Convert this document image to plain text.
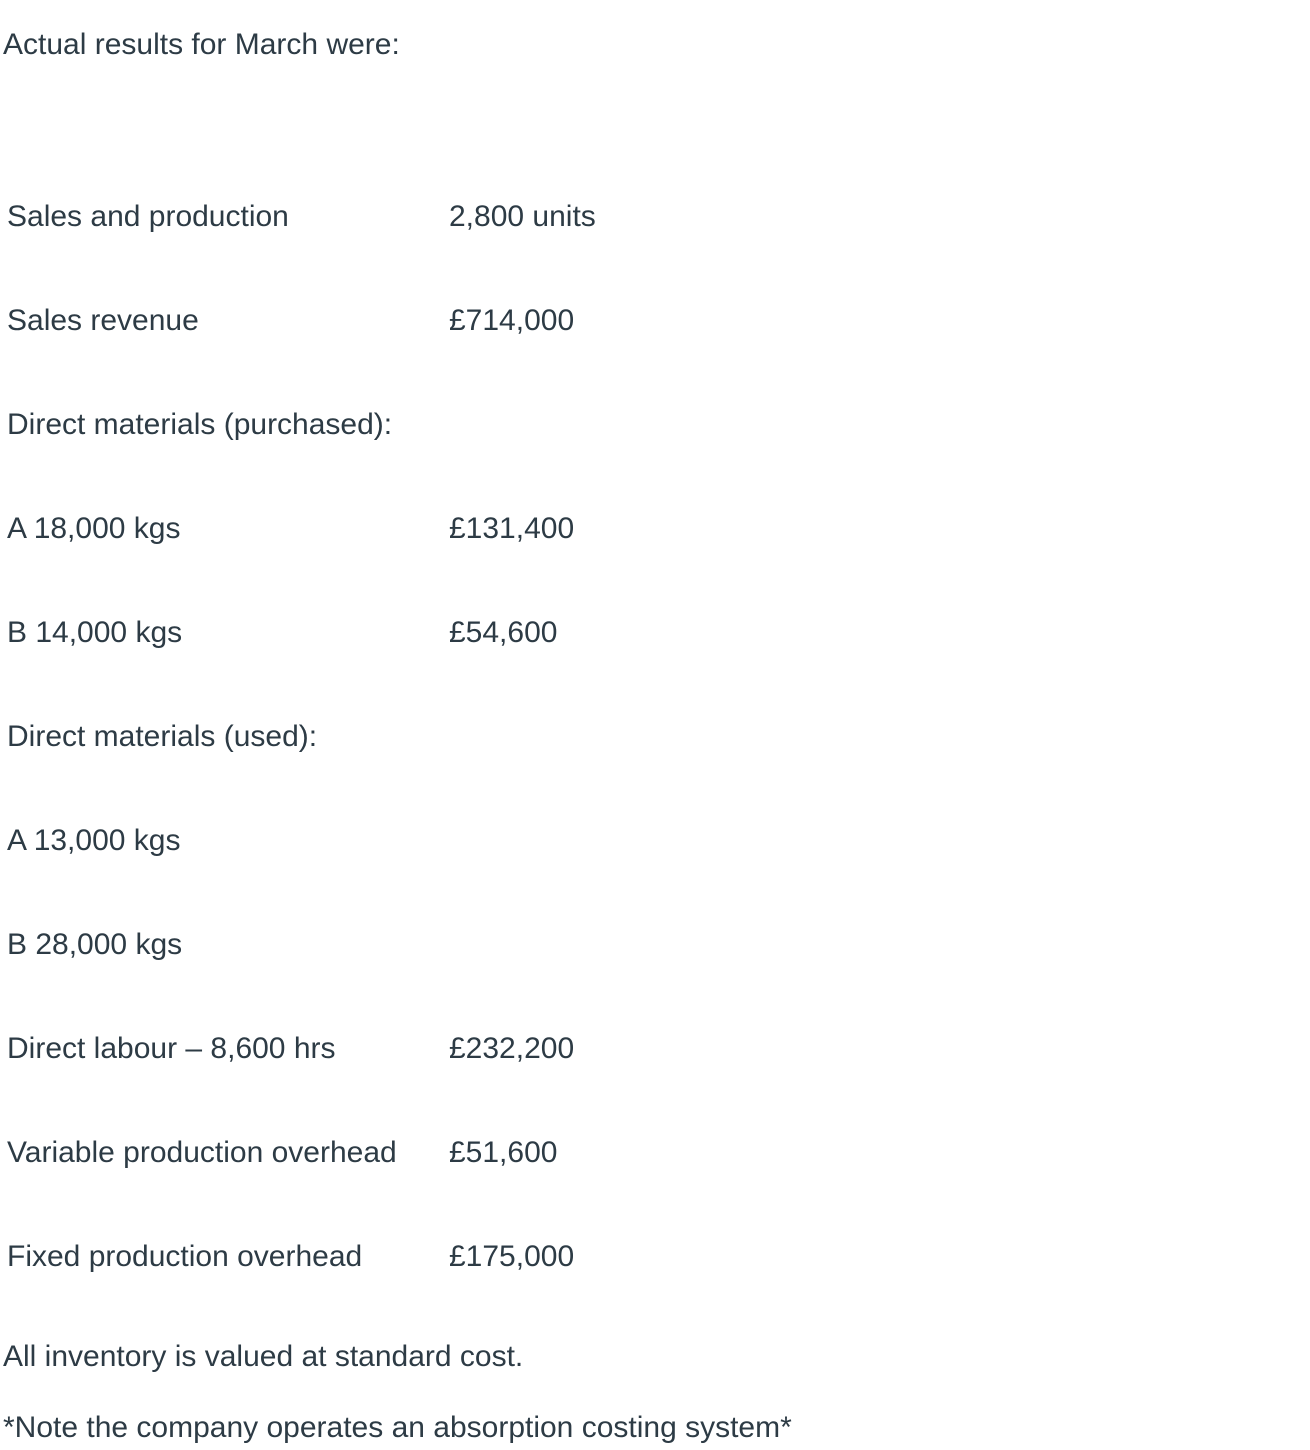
Actual results for March were:
Sales and production	2,800 units
Sales revenue	£714,000
Direct materials (purchased):
A 18,000 kgs	£131,400
B 14,000 kgs	£54,600
Direct materials (used):
A 13,000 kgs
B 28,000 kgs
Direct labour – 8,600 hrs	£232,200
Variable production overhead £51,600
Fixed production overhead	£175,000
All inventory is valued at standard cost.
*Note the company operates an absorption costing system*
